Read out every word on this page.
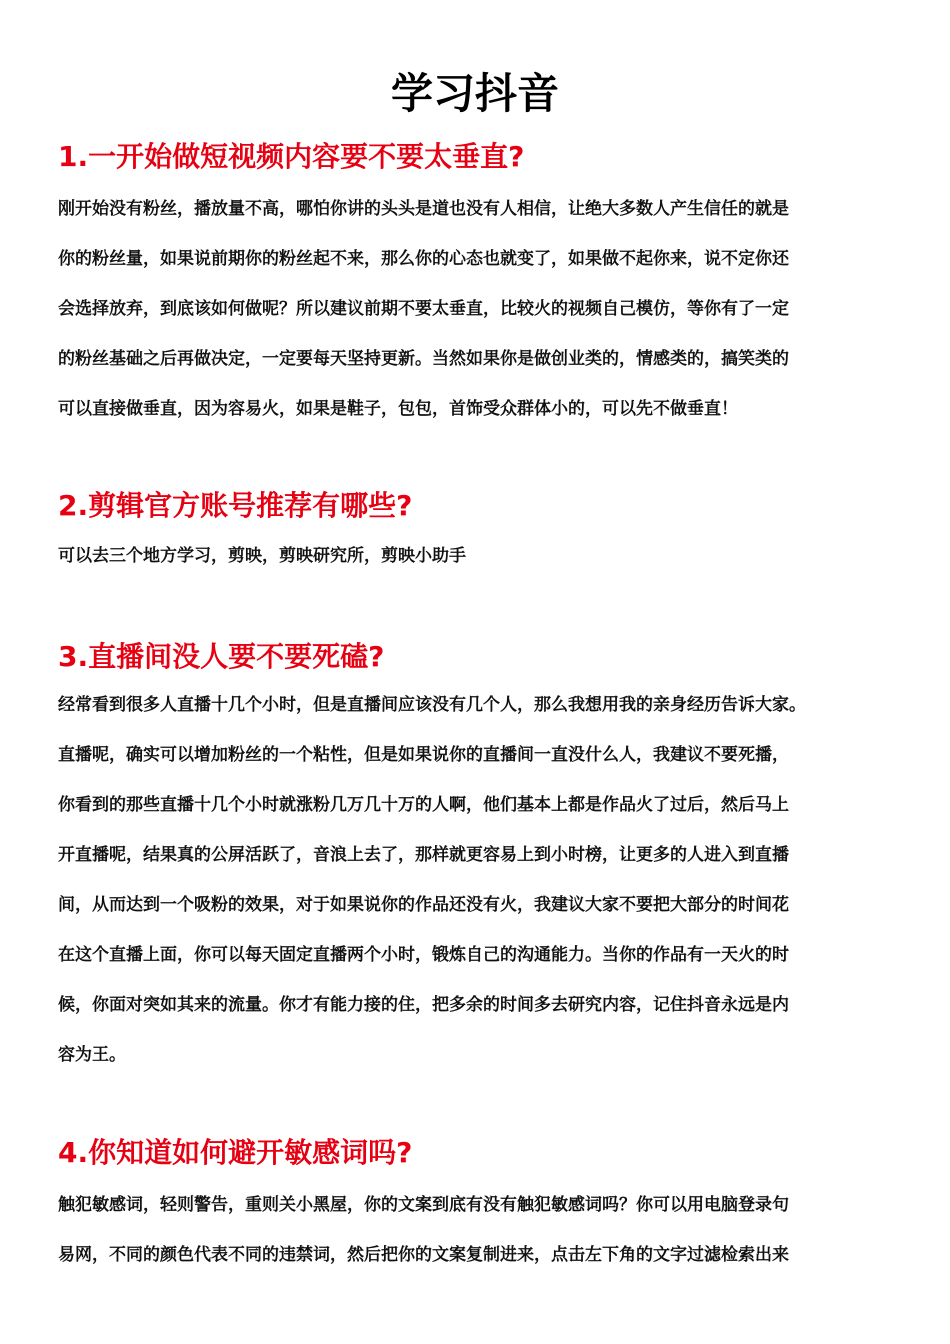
学习抖音
1.一开始做短视频内容要不要太垂直?
刚开始没有粉丝，播放量不高，哪怕你讲的头头是道也没有人相信，让绝大多数人产生信任的就是
你的粉丝量，如果说前期你的粉丝起不来，那么你的心态也就变了，如果做不起你来，说不定你还
会选择放弃，到底该如何做呢？所以建议前期不要太垂直，比较火的视频自己模仿，等你有了一定
的粉丝基础之后再做决定，一定要每天坚持更新。当然如果你是做创业类的，情感类的，搞笑类的
可以直接做垂直，因为容易火，如果是鞋子，包包，首饰受众群体小的，可以先不做垂直！
2.剪辑官方账号推荐有哪些?
可以去三个地方学习，剪映，剪映研究所，剪映小助手
3.直播间没人要不要死磕?
经常看到很多人直播十几个小时，但是直播间应该没有几个人，那么我想用我的亲身经历告诉大家。
直播呢，确实可以增加粉丝的一个粘性，但是如果说你的直播间一直没什么人，我建议不要死播，
你看到的那些直播十几个小时就涨粉几万几十万的人啊，他们基本上都是作品火了过后，然后马上
开直播呢，结果真的公屏活跃了，音浪上去了，那样就更容易上到小时榜，让更多的人进入到直播
间，从而达到一个吸粉的效果，对于如果说你的作品还没有火，我建议大家不要把大部分的时间花
在这个直播上面，你可以每天固定直播两个小时，锻炼自己的沟通能力。当你的作品有一天火的时
候，你面对突如其来的流量。你才有能力接的住，把多余的时间多去研究内容，记住抖音永远是内
容为王。
4.你知道如何避开敏感词吗?
触犯敏感词，轻则警告，重则关小黑屋，你的文案到底有没有触犯敏感词吗？你可以用电脑登录句
易网，不同的颜色代表不同的违禁词，然后把你的文案复制进来，点击左下角的文字过滤检索出来
